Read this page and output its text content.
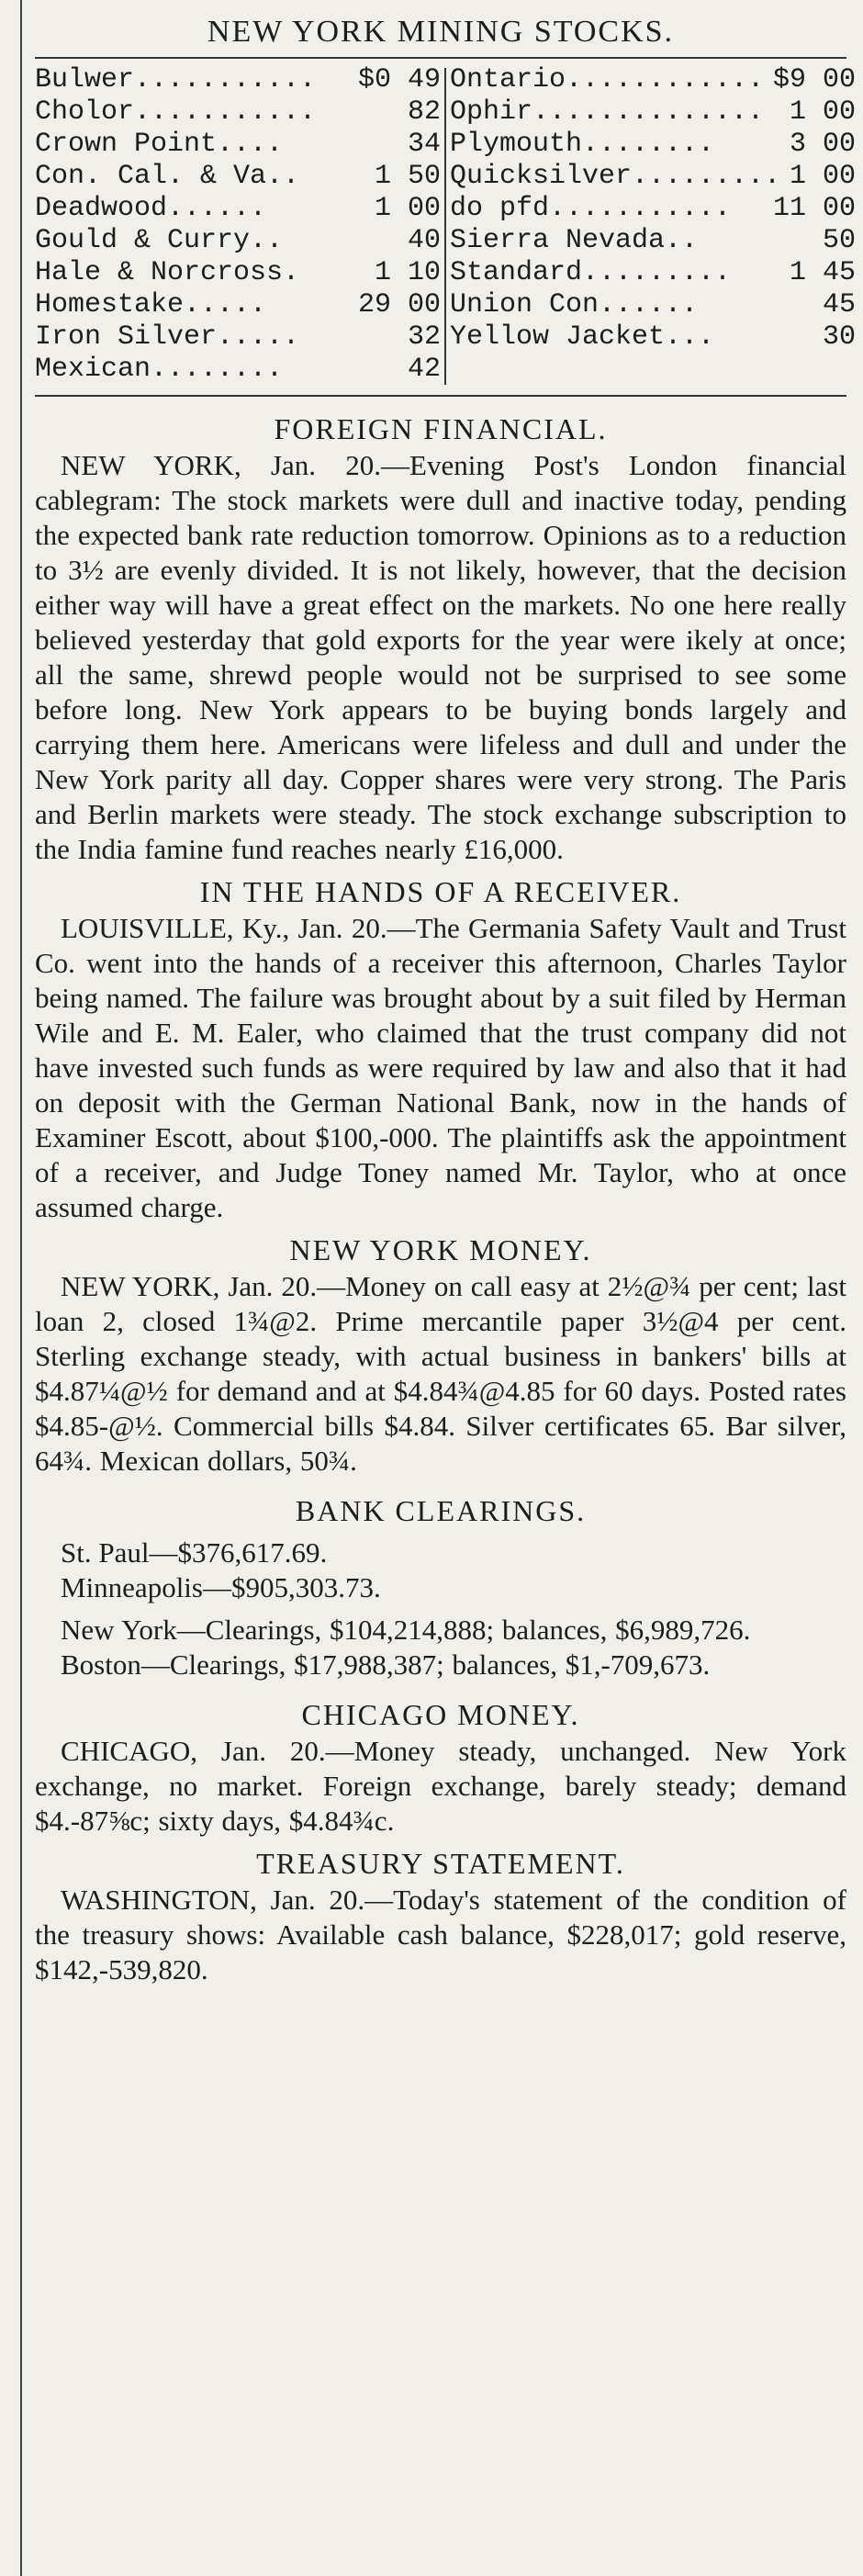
NEW YORK MINING STOCKS.
Bulwer ...........	$0 49
Cholor ...........	82
Crown Point ....	34
Con. Cal. & Va..	1 50
Deadwood ......	1 00
Gould & Curry ..	40
Hale & Norcross.	1 10
Homestake .....	29 00
Iron Silver .....	32
Mexican ........	42
Ontario ............ $9 00
Ophir .............. 1 00
Plymouth ........	3 00
Quicksilver.. ....... 1 00
do pfd ...........	11 00
Sierra Nevada ..	50
Standard .........	1 45
Union Con ......	45
Yellow Jacket...	30
FOREIGN FINANCIAL.

NEW YORK, Jan. 20.—Evening Post's London financial cablegram: The stock markets were dull and inactive today, pending the expected bank rate reduction tomorrow. Opinions as to a reduction to 3½ are evenly divided. It is not likely, however, that the decision either way will have a great effect on the markets. No one here really believed yesterday that gold exports for the year were ikely at once; all the same, shrewd people would not be surprised to see some before long. New York appears to be buying bonds largely and carrying them here. Americans were lifeless and dull and under the New York parity all day. Copper shares were very strong. The Paris and Berlin markets were steady. The stock exchange subscription to the India famine fund reaches nearly £16,000.

IN THE HANDS OF A RECEIVER.

LOUISVILLE, Ky., Jan. 20.—The Germania Safety Vault and Trust Co. went into the hands of a receiver this afternoon, Charles Taylor being named. The failure was brought about by a suit filed by Herman Wile and E. M. Ealer, who claimed that the trust company did not have invested such funds as were required by law and also that it had on deposit with the German National Bank, now in the hands of Examiner Escott, about $100,-000. The plaintiffs ask the appointment of a receiver, and Judge Toney named Mr. Taylor, who at once assumed charge.

NEW YORK MONEY.

NEW YORK, Jan. 20.—Money on call easy at 2½@¾ per cent; last loan 2, closed 1¾@2. Prime mercantile paper 3½@4 per cent. Sterling exchange steady, with actual business in bankers' bills at $4.87¼@½ for demand and at $4.84¾@4.85 for 60 days. Posted rates $4.85-@½. Commercial bills $4.84. Silver certificates 65. Bar silver, 64¾. Mexican dollars, 50¾.

BANK CLEARINGS.

St. Paul—$376,617.69.

Minneapolis—$905,303.73.

New York—Clearings, $104,214,888; balances, $6,989,726.

Boston—Clearings, $17,988,387; balances, $1,-709,673.

CHICAGO MONEY.

CHICAGO, Jan. 20.—Money steady, unchanged. New York exchange, no market. Foreign exchange, barely steady; demand $4.-87⅝c; sixty days, $4.84¾c.

TREASURY STATEMENT.

WASHINGTON, Jan. 20.—Today's statement of the condition of the treasury shows: Available cash balance, $228,017; gold reserve, $142,-539,820.
